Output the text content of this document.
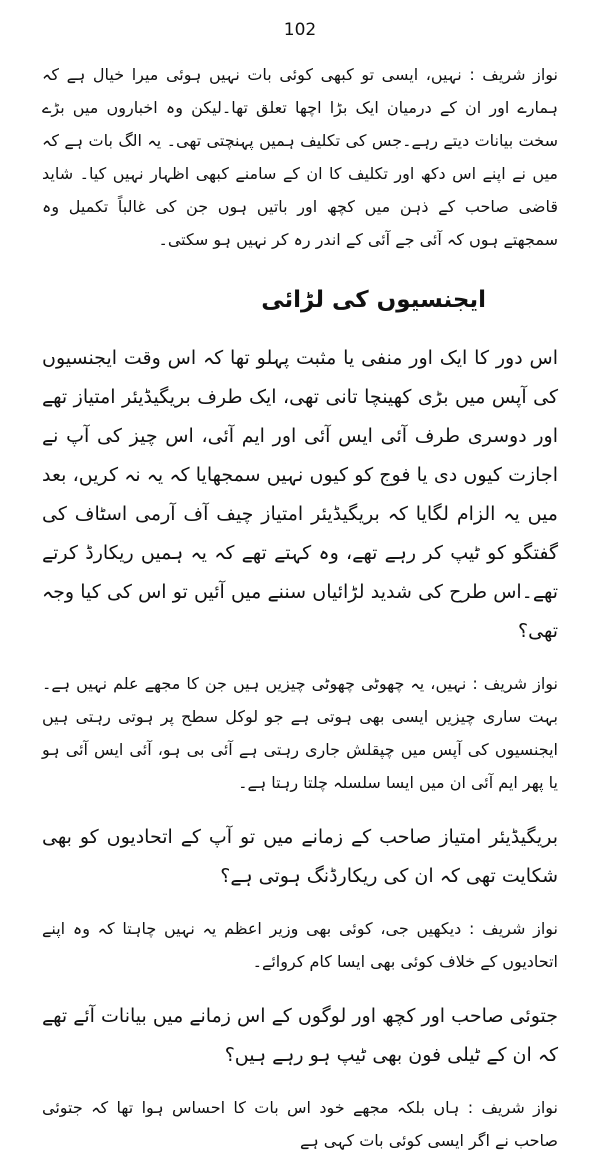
102

نواز شریف : نہیں، ایسی تو کبھی کوئی بات نہیں ہوئی میرا خیال ہے کہ ہمارے اور ان کے درمیان ایک بڑا اچھا تعلق تھا۔لیکن وہ اخباروں میں بڑے سخت بیانات دیتے رہے۔جس کی تکلیف ہمیں پہنچتی تھی۔ یہ الگ بات ہے کہ میں نے اپنے اس دکھ اور تکلیف کا ان کے سامنے کبھی اظہار نہیں کیا۔ شاید قاضی صاحب کے ذہن میں کچھ اور باتیں ہوں جن کی غالباً تکمیل وہ سمجھتے ہوں کہ آئی جے آئی کے اندر رہ کر نہیں ہو سکتی۔

ایجنسیوں کی لڑائی

اس دور کا ایک اور منفی یا مثبت پہلو تھا کہ اس وقت ایجنسیوں کی آپس میں بڑی کھینچا تانی تھی، ایک طرف بریگیڈیئر امتیاز تھے اور دوسری طرف آئی ایس آئی اور ایم آئی، اس چیز کی آپ نے اجازت کیوں دی یا فوج کو کیوں نہیں سمجھایا کہ یہ نہ کریں، بعد میں یہ الزام لگایا کہ بریگیڈیئر امتیاز چیف آف آرمی اسٹاف کی گفتگو کو ٹیپ کر رہے تھے، وہ کہتے تھے کہ یہ ہمیں ریکارڈ کرتے تھے۔اس طرح کی شدید لڑائیاں سننے میں آئیں تو اس کی کیا وجہ تھی؟

نواز شریف : نہیں، یہ چھوٹی چھوٹی چیزیں ہیں جن کا مجھے علم نہیں ہے۔بہت ساری چیزیں ایسی بھی ہوتی ہے جو لوکل سطح پر ہوتی رہتی ہیں ایجنسیوں کی آپس میں چپقلش جاری رہتی ہے آئی بی ہو، آئی ایس آئی ہو یا پھر ایم آئی ان میں ایسا سلسلہ چلتا رہتا ہے۔

بریگیڈیئر امتیاز صاحب کے زمانے میں تو آپ کے اتحادیوں کو بھی شکایت تھی کہ ان کی ریکارڈنگ ہوتی ہے؟

نواز شریف : دیکھیں جی، کوئی بھی وزیر اعظم یہ نہیں چاہتا کہ وہ اپنے اتحادیوں کے خلاف کوئی بھی ایسا کام کروائے۔

جتوئی صاحب اور کچھ اور لوگوں کے اس زمانے میں بیانات آئے تھے کہ ان کے ٹیلی فون بھی ٹیپ ہو رہے ہیں؟

نواز شریف : ہاں بلکہ مجھے خود اس بات کا احساس ہوا تھا کہ جتوئی صاحب نے اگر ایسی کوئی بات کہی ہے
